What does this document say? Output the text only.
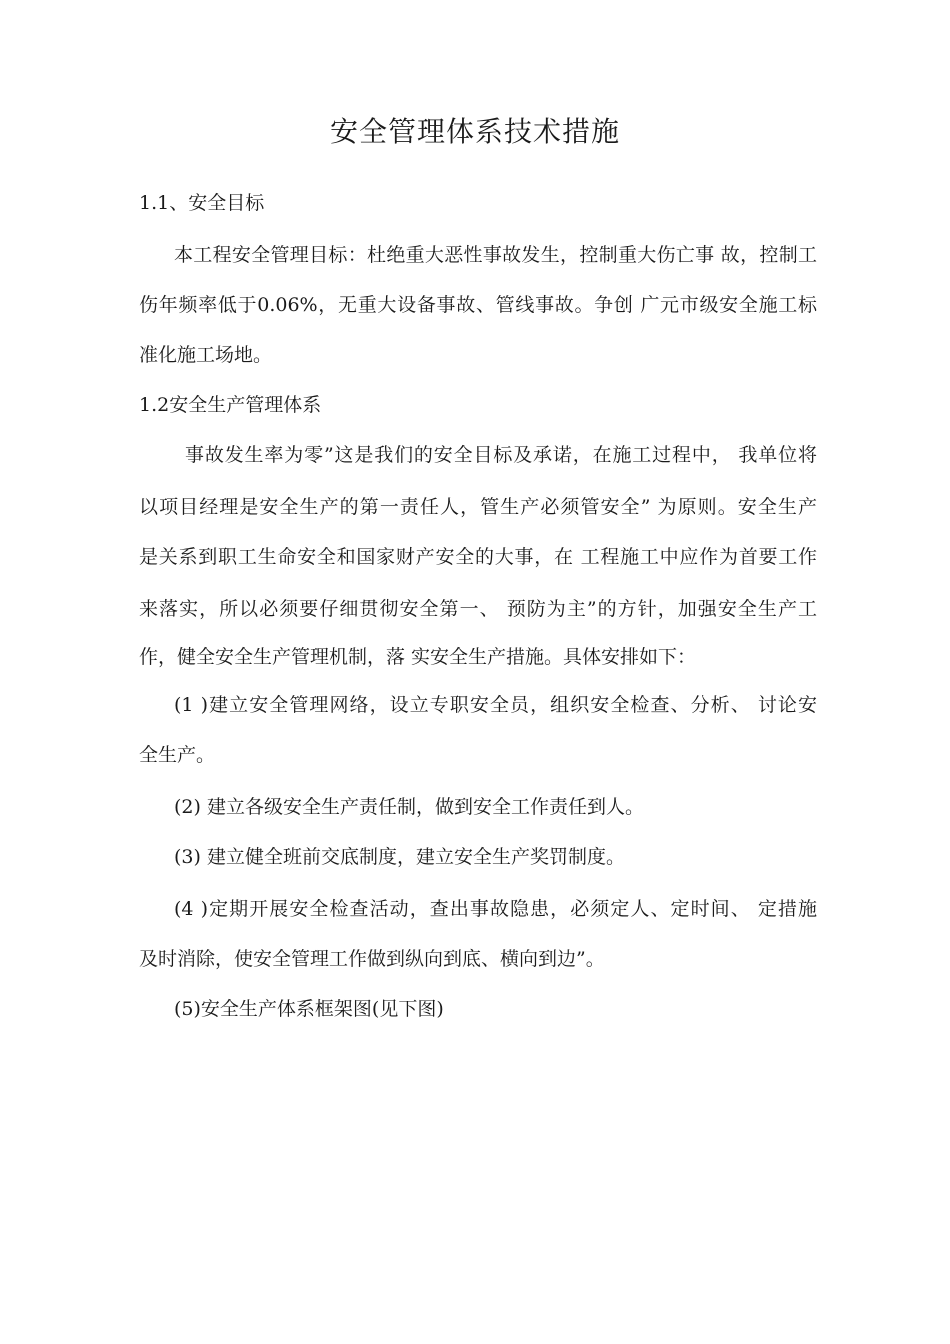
安全管理体系技术措施
1.1、安全目标
本工程安全管理目标：杜绝重大恶性事故发生，控制重大伤亡事 故，控制工
伤年频率低于0.06%，无重大设备事故、管线事故。争创 广元市级安全施工标
准化施工场地。
1.2安全生产管理体系
事故发生率为零”这是我们的安全目标及承诺，在施工过程中， 我单位将
以项目经理是安全生产的第一责任人，管生产必须管安全” 为原则。安全生产
是关系到职工生命安全和国家财产安全的大事，在 工程施工中应作为首要工作
来落实，所以必须要仔细贯彻安全第一、 预防为主”的方针，加强安全生产工
作，健全安全生产管理机制，落 实安全生产措施。具体安排如下：
(1 )建立安全管理网络，设立专职安全员，组织安全检查、分析、 讨论安
全生产。
(2) 建立各级安全生产责任制，做到安全工作责任到人。
(3) 建立健全班前交底制度，建立安全生产奖罚制度。
(4 )定期开展安全检查活动，查出事故隐患，必须定人、定时间、 定措施
及时消除，使安全管理工作做到纵向到底、横向到边”。
(5)安全生产体系框架图(见下图)
